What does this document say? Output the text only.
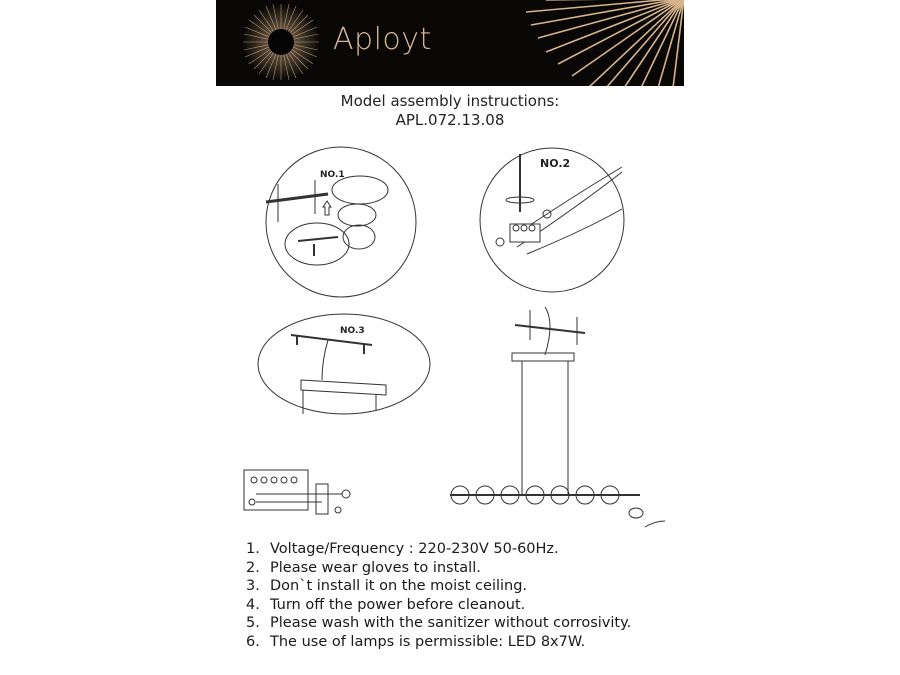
Aployt
Model assembly instructions:
APL.072.13.08
NO.1
NO.2
NO.3
1. Voltage/Frequency : 220-230V 50-60Hz.
2. Please wear gloves to install.
3. Don`t install it on the moist ceiling.
4. Turn off the power before cleanout.
5. Please wash with the sanitizer without corrosivity.
6. The use of lamps is permissible: LED 8x7W.
